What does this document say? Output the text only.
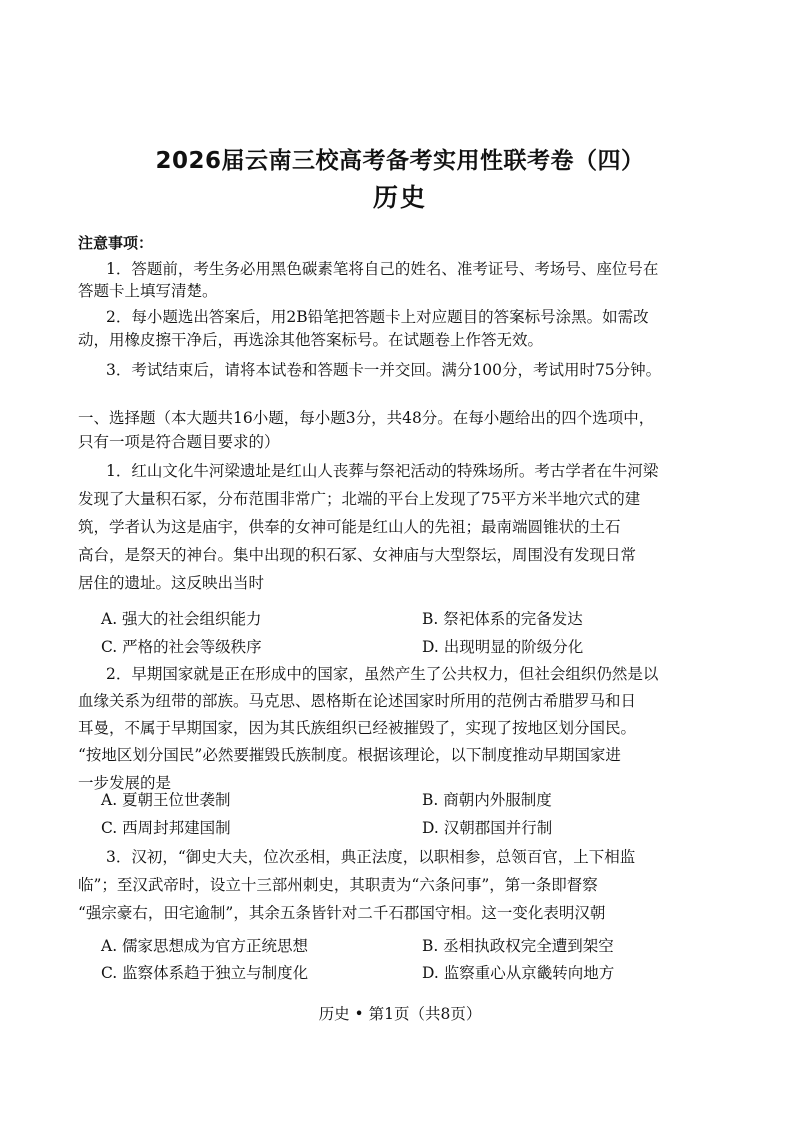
2026届云南三校高考备考实用性联考卷（四）
历史
注意事项：
1．答题前，考生务必用黑色碳素笔将自己的姓名、准考证号、考场号、座位号在
答题卡上填写清楚。
2．每小题选出答案后，用2B铅笔把答题卡上对应题目的答案标号涂黑。如需改
动，用橡皮擦干净后，再选涂其他答案标号。在试题卷上作答无效。
3．考试结束后，请将本试卷和答题卡一并交回。满分100分，考试用时75分钟。
一、选择题（本大题共16小题，每小题3分，共48分。在每小题给出的四个选项中，
只有一项是符合题目要求的）
1．红山文化牛河梁遗址是红山人丧葬与祭祀活动的特殊场所。考古学者在牛河梁
发现了大量积石冢，分布范围非常广；北端的平台上发现了75平方米半地穴式的建
筑，学者认为这是庙宇，供奉的女神可能是红山人的先祖；最南端圆锥状的土石
高台，是祭天的神台。集中出现的积石冢、女神庙与大型祭坛，周围没有发现日常
居住的遗址。这反映出当时
A. 强大的社会组织能力	B. 祭祀体系的完备发达
C. 严格的社会等级秩序	D. 出现明显的阶级分化
2．早期国家就是正在形成中的国家，虽然产生了公共权力，但社会组织仍然是以
血缘关系为纽带的部族。马克思、恩格斯在论述国家时所用的范例古希腊罗马和日
耳曼，不属于早期国家，因为其氏族组织已经被摧毁了，实现了按地区划分国民。
“按地区划分国民”必然要摧毁氏族制度。根据该理论，以下制度推动早期国家进
一步发展的是
A. 夏朝王位世袭制	B. 商朝内外服制度
C. 西周封邦建国制	D. 汉朝郡国并行制
3．汉初，“御史大夫，位次丞相，典正法度，以职相参，总领百官，上下相监
临”；至汉武帝时，设立十三部州刺史，其职责为“六条问事”，第一条即督察
“强宗豪右，田宅逾制”，其余五条皆针对二千石郡国守相。这一变化表明汉朝
A. 儒家思想成为官方正统思想	B. 丞相执政权完全遭到架空
C. 监察体系趋于独立与制度化	D. 监察重心从京畿转向地方
历史 • 第1页（共8页）
